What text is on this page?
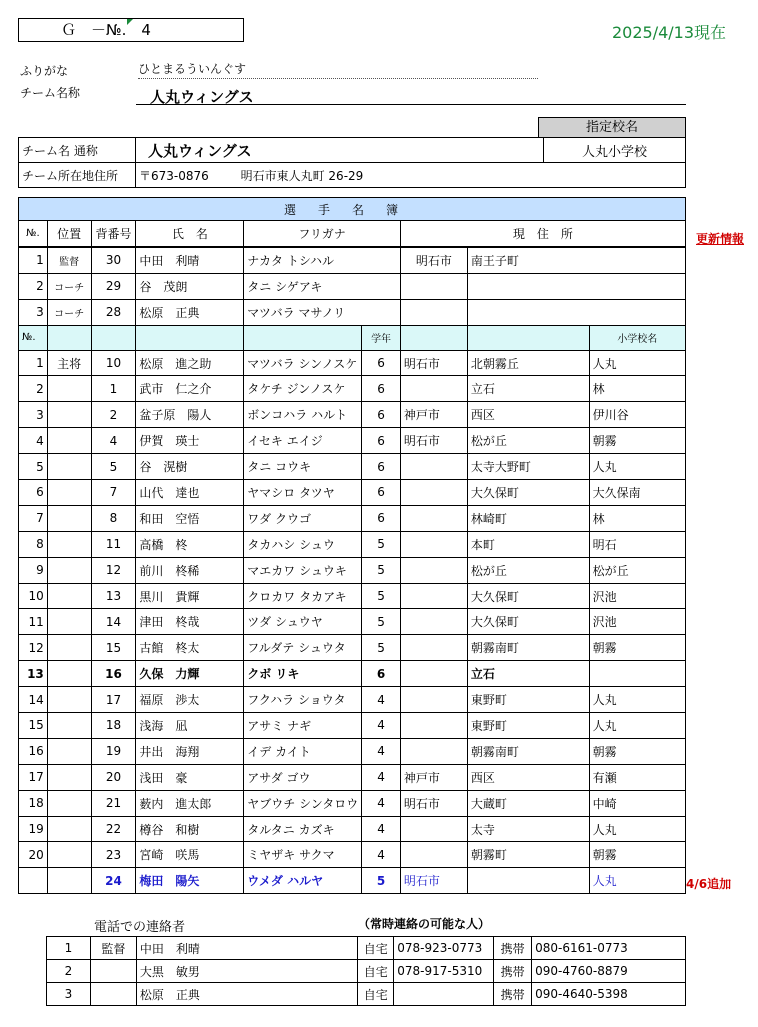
Ｇ　－№.　4	2025/4/13現在
ふりがな	ひとまるういんぐす
チーム名称	人丸ウィングス
指定校名
チーム名 通称	人丸ウィングス	人丸小学校
チーム所在地住所	〒673-0876 明石市東人丸町 26-29	
選手名簿								
№.	位置	背番号	氏　名	フリガナ		現　住　所		
1	監督	30	中田　利晴	ナカタ トシハル		明石市	南王子町	
2	コーチ	29	谷　茂朗	タニ シゲアキ				
3	コーチ	28	松原　正典	マツバラ マサノリ				
№.					学年			小学校名
1	主将	10	松原　進之助	マツバラ シンノスケ	6	明石市	北朝霧丘	人丸
2		1	武市　仁之介	タケチ ジンノスケ	6		立石	林
3		2	盆子原　陽人	ボンコハラ ハルト	6	神戸市	西区	伊川谷
4		4	伊賀　瑛士	イセキ エイジ	6	明石市	松が丘	朝霧
5		5	谷　滉樹	タニ コウキ	6		太寺大野町	人丸
6		7	山代　達也	ヤマシロ タツヤ	6		大久保町	大久保南
7		8	和田　空悟	ワダ クウゴ	6		林崎町	林
8		11	高橋　柊	タカハシ シュウ	5		本町	明石
9		12	前川　柊稀	マエカワ シュウキ	5		松が丘	松が丘
10		13	黒川　貴輝	クロカワ タカアキ	5		大久保町	沢池
11		14	津田　柊哉	ツダ シュウヤ	5		大久保町	沢池
12		15	古館　柊太	フルダテ シュウタ	5		朝霧南町	朝霧
13		16	久保　力輝	クボ リキ	6		立石	
14		17	福原　渉太	フクハラ ショウタ	4		東野町	人丸
15		18	浅海　凪	アサミ ナギ	4		東野町	人丸
16		19	井出　海翔	イデ カイト	4		朝霧南町	朝霧
17		20	浅田　豪	アサダ ゴウ	4	神戸市	西区	有瀬
18		21	薮内　進太郎	ヤブウチ シンタロウ	4	明石市	大蔵町	中崎
19		22	樽谷　和樹	タルタニ カズキ	4		太寺	人丸
20		23	宮崎　咲馬	ミヤザキ サクマ	4		朝霧町	朝霧
		24	梅田　陽矢	ウメダ ハルヤ	5	明石市		人丸
更新情報
4/6追加
電話での連絡者	（常時連絡の可能な人）
1	監督	中田　利晴	自宅	078-923-0773	携帯	080-6161-0773
2		大黒　敏男	自宅	078-917-5310	携帯	090-4760-8879
3		松原　正典	自宅		携帯	090-4640-5398
